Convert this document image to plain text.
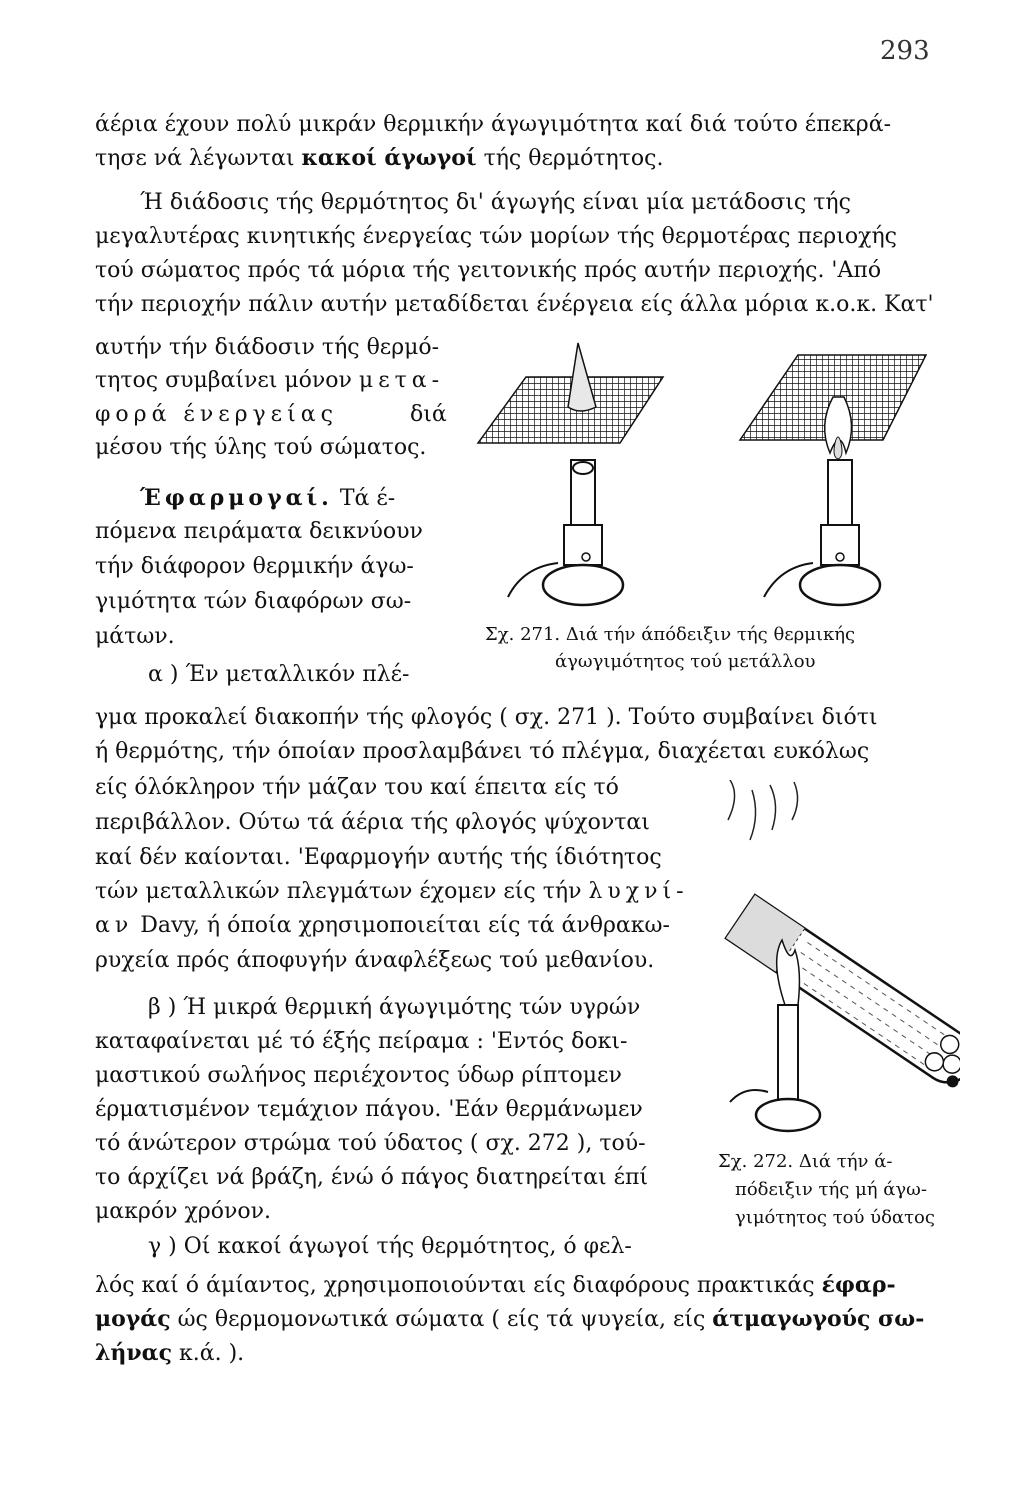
293
άέρια έχουν πολύ μικράν θερμικήν άγωγιμότητα καί διά τούτο έπεκρά-
τησε νά λέγωνται κακοί άγωγοί τής θερμότητος.
Ή διάδοσις τής θερμότητος δι' άγωγής είναι μία μετάδοσις τής
μεγαλυτέρας κινητικής ένεργείας τών μορίων τής θερμοτέρας περιοχής
τού σώματος πρός τά μόρια τής γειτονικής πρός αυτήν περιοχής. 'Από
τήν περιοχήν πάλιν αυτήν μεταδίδεται ένέργεια είς άλλα μόρια κ.ο.κ. Κατ'
αυτήν τήν διάδοσιν τής θερμό-
τητος συμβαίνει μόνον μετα-
φορά ένεργείας	διά
μέσου τής ύλης τού σώματος.
Έφαρμογαί. Τά έ-
πόμενα πειράματα δεικνύουν
τήν διάφορον θερμικήν άγω-
γιμότητα τών διαφόρων σω-
μάτων.
α ) Έν μεταλλικόν πλέ-
Σχ. 271. Διά τήν άπόδειξιν τής θερμικής
άγωγιμότητος τού μετάλλου
γμα προκαλεί διακοπήν τής φλογός ( σχ. 271 ). Τούτο συμβαίνει διότι
ή θερμότης, τήν όποίαν προσλαμβάνει τό πλέγμα, διαχέεται ευκόλως
είς όλόκληρον τήν μάζαν του καί έπειτα είς τό
περιβάλλον. Ούτω τά άέρια τής φλογός ψύχονται
καί δέν καίονται. 'Εφαρμογήν αυτής τής ίδιότητος
τών μεταλλικών πλεγμάτων έχομεν είς τήν λυχνί-
αν Davy, ή όποία χρησιμοποιείται είς τά άνθρακω-
ρυχεία πρός άποφυγήν άναφλέξεως τού μεθανίου.
β ) Ή μικρά θερμική άγωγιμότης τών υγρών
καταφαίνεται μέ τό έξής πείραμα : 'Εντός δοκι-
μαστικού σωλήνος περιέχοντος ύδωρ ρίπτομεν
έρματισμένον τεμάχιον πάγου. 'Εάν θερμάνωμεν
τό άνώτερον στρώμα τού ύδατος ( σχ. 272 ), τού-
το άρχίζει νά βράζη, ένώ ό πάγος διατηρείται έπί
μακρόν χρόνον.
γ ) Οί κακοί άγωγοί τής θερμότητος, ό φελ-
Σχ. 272. Διά τήν ά-
πόδειξιν τής μή άγω-
γιμότητος τού ύδατος
λός καί ό άμίαντος, χρησιμοποιούνται είς διαφόρους πρακτικάς έφαρ-
μογάς ώς θερμομονωτικά σώματα ( είς τά ψυγεία, είς άτμαγωγούς σω-
λήνας κ.ά. ).
